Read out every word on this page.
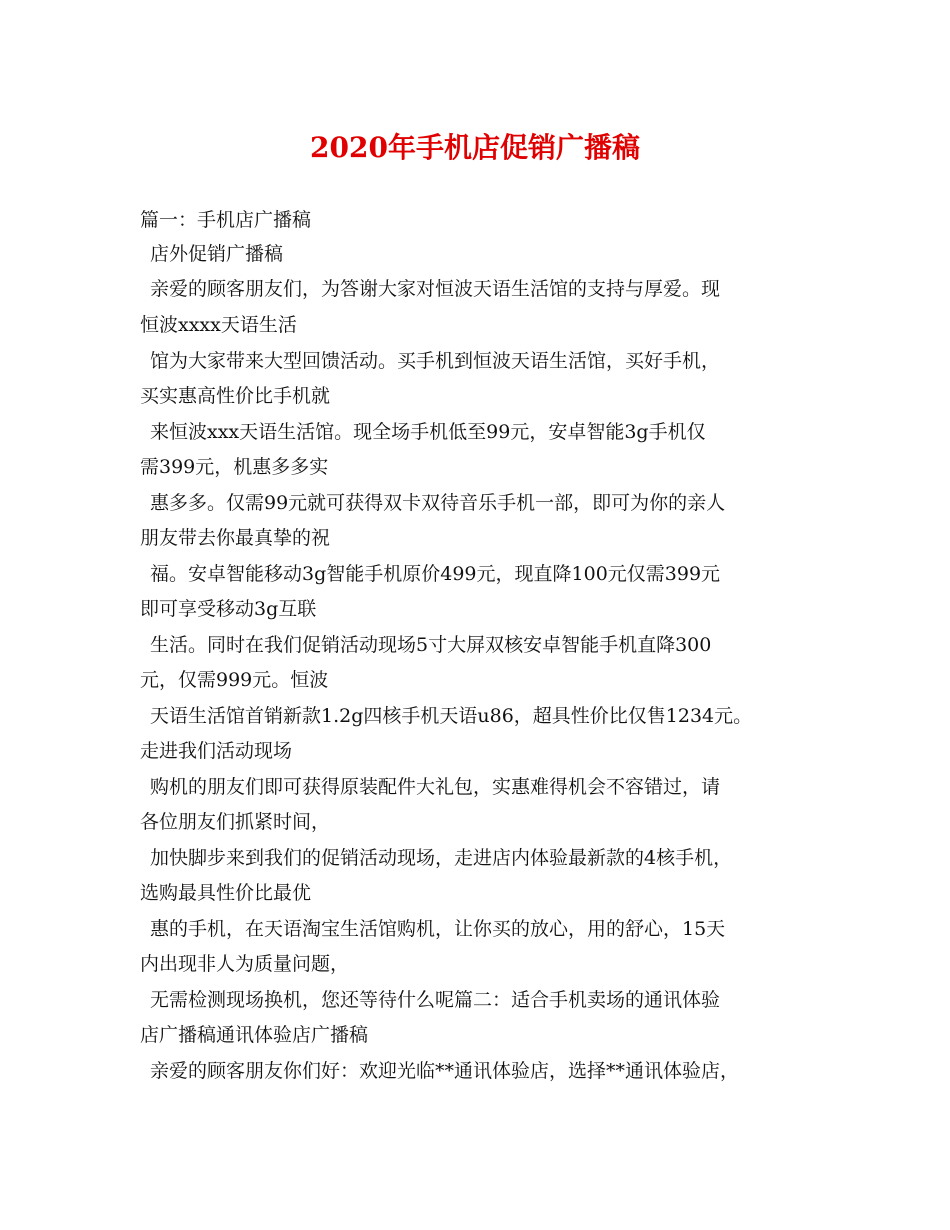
2020年手机店促销广播稿
篇一：手机店广播稿
店外促销广播稿
亲爱的顾客朋友们，为答谢大家对恒波天语生活馆的支持与厚爱。现
恒波xxxx天语生活
馆为大家带来大型回馈活动。买手机到恒波天语生活馆，买好手机，
买实惠高性价比手机就
来恒波xxx天语生活馆。现全场手机低至99元，安卓智能3g手机仅
需399元，机惠多多实
惠多多。仅需99元就可获得双卡双待音乐手机一部，即可为你的亲人
朋友带去你最真挚的祝
福。安卓智能移动3g智能手机原价499元，现直降100元仅需399元
即可享受移动3g互联
生活。同时在我们促销活动现场5寸大屏双核安卓智能手机直降300
元，仅需999元。恒波
天语生活馆首销新款1.2g四核手机天语u86，超具性价比仅售1234元。
走进我们活动现场
购机的朋友们即可获得原装配件大礼包，实惠难得机会不容错过，请
各位朋友们抓紧时间，
加快脚步来到我们的促销活动现场，走进店内体验最新款的4核手机，
选购最具性价比最优
惠的手机，在天语淘宝生活馆购机，让你买的放心，用的舒心，15天
内出现非人为质量问题，
无需检测现场换机，您还等待什么呢篇二：适合手机卖场的通讯体验
店广播稿通讯体验店广播稿
亲爱的顾客朋友你们好：欢迎光临**通讯体验店，选择**通讯体验店，
